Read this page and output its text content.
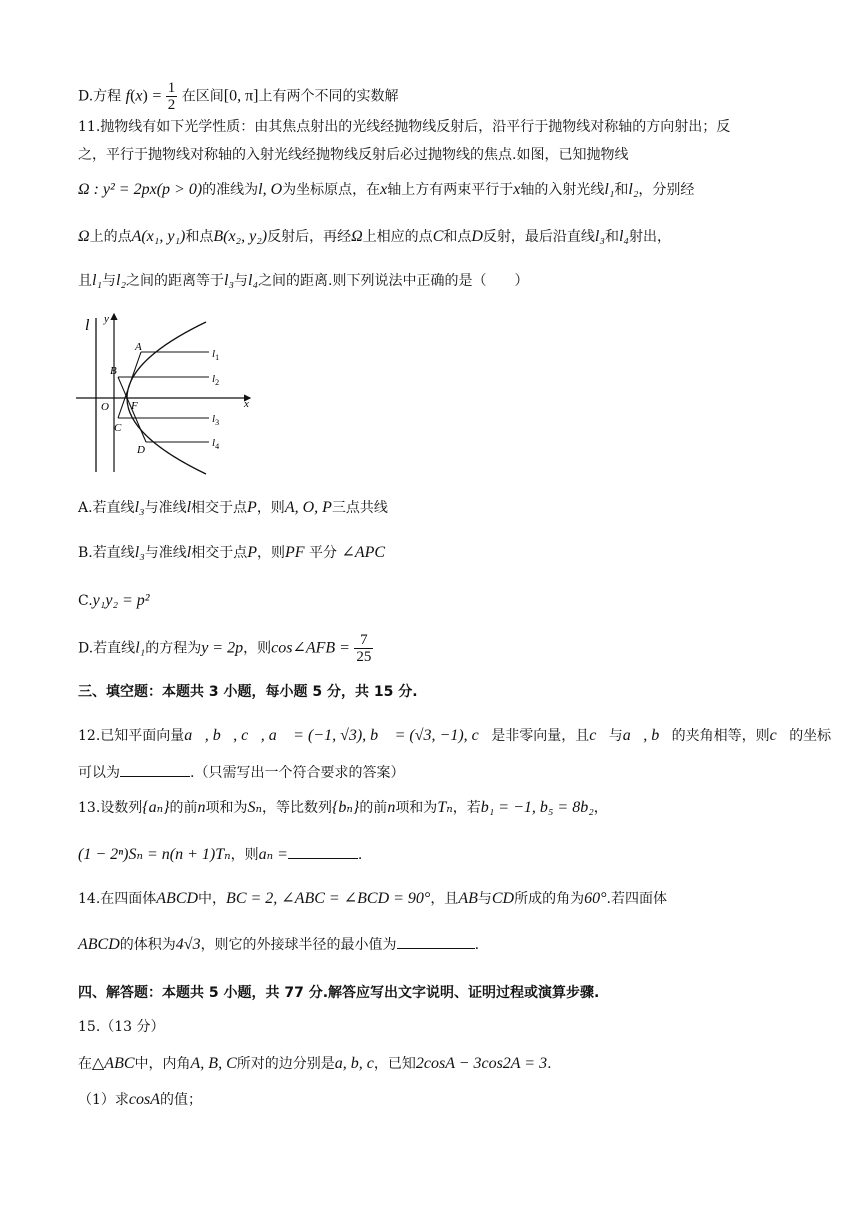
D.方程 $f(x) = \frac{1}{2}$ 在区间[0, π]上有两个不同的实数解
11.抛物线有如下光学性质：由其焦点射出的光线经抛物线反射后，沿平行于抛物线对称轴的方向射出；反
之，平行于抛物线对称轴的入射光线经抛物线反射后必过抛物线的焦点.如图，已知抛物线
Ω : y² = 2px(p > 0)的准线为l, O为坐标原点，在x轴上方有两束平行于x轴的入射光线l₁和l₂，分别经
Ω上的点A(x₁, y₁)和点B(x₂, y₂)反射后，再经Ω上相应的点C和点D反射，最后沿直线l₃和l₄射出，
且l₁与l₂之间的距离等于l₃与l₄之间的距离.则下列说法中正确的是（　　）
l y
x
A
B
O F
C
D
$l_1$
$l_2$
$l_3$
$l_4$
A.若直线l₃与准线l相交于点P，则A, O, P三点共线
B.若直线l₃与准线l相交于点P，则PF 平分 ∠APC
C.y₁y₂ = p²
D.若直线l₁的方程为y = 2p，则cos∠AFB = $\frac{7}{25}$
三、填空题：本题共 3 小题，每小题 5 分，共 15 分.
12.已知平面向量a⃗, b⃗, c⃗, a⃗ = (−1, √3), b⃗ = (√3, −1), c⃗是非零向量，且c⃗与a⃗, b⃗的夹角相等，则c⃗的坐标
可以为	.（只需写出一个符合要求的答案）
13.设数列{aₙ}的前n项和为Sₙ，等比数列{bₙ}的前n项和为Tₙ，若b₁ = −1, b₅ = 8b₂，
(1 − 2ⁿ)Sₙ = n(n + 1)Tₙ，则aₙ =	.
14.在四面体ABCD中，BC = 2, ∠ABC = ∠BCD = 90°，且AB与CD所成的角为60°.若四面体
ABCD的体积为4√3，则它的外接球半径的最小值为	.
四、解答题：本题共 5 小题，共 77 分.解答应写出文字说明、证明过程或演算步骤.
15.（13 分）
在△ABC中，内角A, B, C所对的边分别是a, b, c，已知2cosA − 3cos2A = 3.
（1）求cosA的值；
